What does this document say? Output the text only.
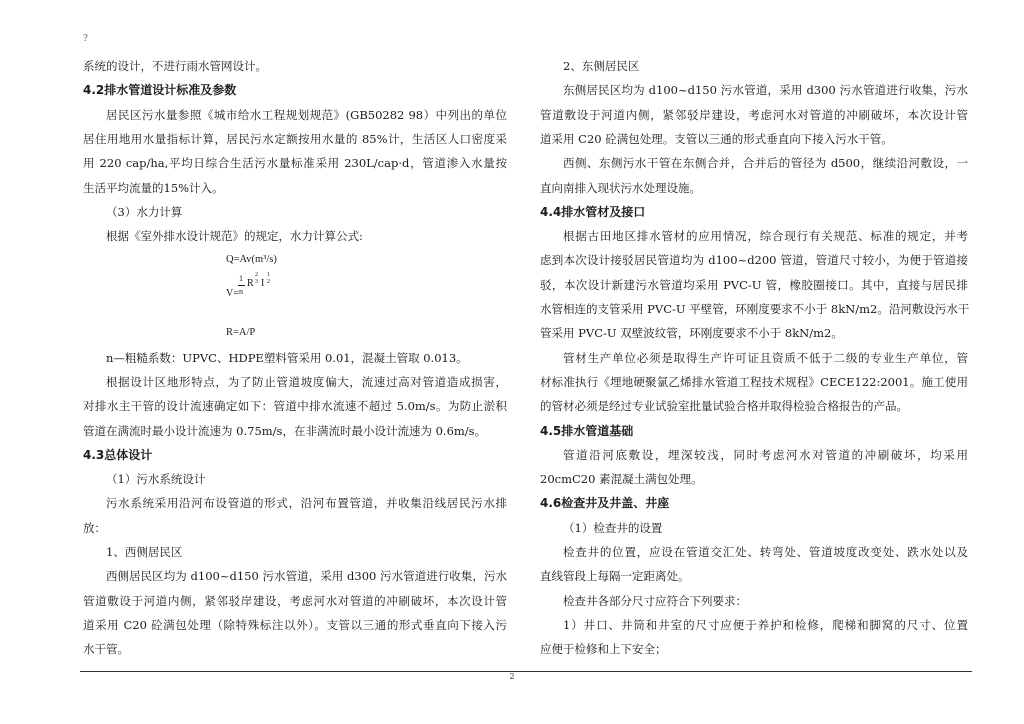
?
系统的设计，不进行雨水管网设计。
4.2排水管道设计标准及参数
居民区污水量参照《城市给水工程规划规范》(GB50282 98）中列出的单位
居住用地用水量指标计算，居民污水定额按用水量的 85%计，生活区人口密度采
用 220 cap/ha,平均日综合生活污水量标准采用 230L/cap·d，管道渗入水量按
生活平均流量的15%计入。
（3）水力计算
根据《室外排水设计规范》的规定，水力计算公式:
Q=Av(m³/s)
R=A/P
n—粗糙系数：UPVC、HDPE塑料管采用 0.01，混凝土管取 0.013。
根据设计区地形特点，为了防止管道坡度偏大，流速过高对管道造成损害，
对排水主干管的设计流速确定如下：管道中排水流速不超过 5.0m/s。为防止淤积
管道在满流时最小设计流速为 0.75m/s，在非满流时最小设计流速为 0.6m/s。
4.3总体设计
（1）污水系统设计
污水系统采用沿河布设管道的形式，沿河布置管道，并收集沿线居民污水排
放：
1、西侧居民区
西侧居民区均为 d100~d150 污水管道，采用 d300 污水管道进行收集，污水
管道敷设于河道内侧，紧邻驳岸建设，考虑河水对管道的冲刷破坏，本次设计管
道采用 C20 砼满包处理（除特殊标注以外）。支管以三通的形式垂直向下接入污
水干管。
1
V= n
R
2
3 I
1
2
2、东侧居民区
东侧居民区均为 d100~d150 污水管道，采用 d300 污水管道进行收集，污水
管道敷设于河道内侧，紧邻驳岸建设，考虑河水对管道的冲刷破坏，本次设计管
道采用 C20 砼满包处理。支管以三通的形式垂直向下接入污水干管。
西侧、东侧污水干管在东侧合并，合并后的管径为 d500，继续沿河敷设，一
直向南排入现状污水处理设施。
4.4排水管材及接口
根据古田地区排水管材的应用情况，综合现行有关规范、标准的规定，并考
虑到本次设计接驳居民管道均为 d100~d200 管道，管道尺寸较小，为便于管道接
驳，本次设计新建污水管道均采用 PVC-U 管，橡胶圈接口。其中，直接与居民排
水管相连的支管采用 PVC-U 平壁管，环刚度要求不小于 8kN/m2。沿河敷设污水干
管采用 PVC-U 双壁波纹管，环刚度要求不小于 8kN/m2。
管材生产单位必须是取得生产许可证且资质不低于二级的专业生产单位，管
材标准执行《埋地硬聚氯乙烯排水管道工程技术规程》CECE122:2001。施工使用
的管材必须是经过专业试验室批量试验合格并取得检验合格报告的产品。
4.5排水管道基础
管道沿河底敷设，埋深较浅，同时考虑河水对管道的冲刷破坏，均采用
20cmC20 素混凝土满包处理。
4.6检查井及井盖、井座
（1）检查井的设置
检查井的位置，应设在管道交汇处、转弯处、管道坡度改变处、跌水处以及
直线管段上每隔一定距离处。
检查井各部分尺寸应符合下列要求：
1）井口、井筒和井室的尺寸应便于养护和检修，爬梯和脚窝的尺寸、位置
应便于检修和上下安全；
2
